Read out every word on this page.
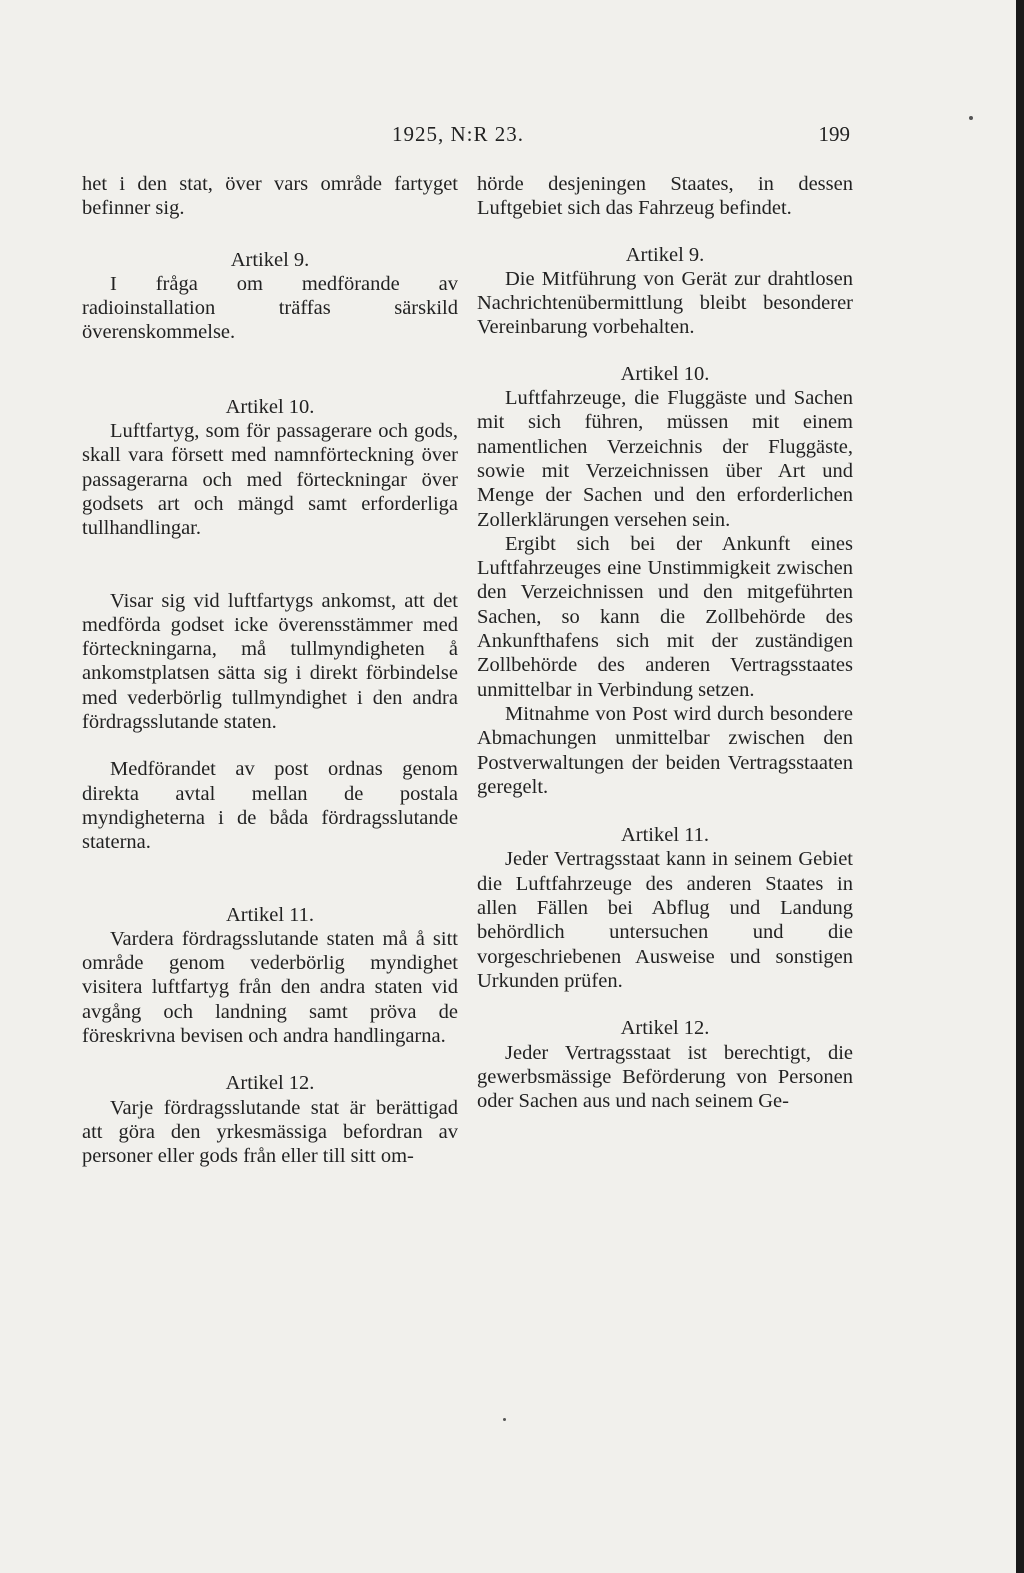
1925, N:R 23.	199

het i den stat, över vars område fartyget befinner sig.

Artikel 9.

I fråga om medförande av radioinstallation träffas särskild överenskommelse.

Artikel 10.

Luftfartyg, som för passagerare och gods, skall vara försett med namnförteckning över passagerarna och med förteckningar över godsets art och mängd samt erforderliga tullhandlingar.

Visar sig vid luftfartygs ankomst, att det medförda godset icke överensstämmer med förteckningarna, må tullmyndigheten å ankomstplatsen sätta sig i direkt förbindelse med vederbörlig tullmyndighet i den andra fördragsslutande staten.

Medförandet av post ordnas genom direkta avtal mellan de postala myndigheterna i de båda fördragsslutande staterna.

Artikel 11.

Vardera fördragsslutande staten må å sitt område genom vederbörlig myndighet visitera luftfartyg från den andra staten vid avgång och landning samt pröva de föreskrivna bevisen och andra handlingarna.

Artikel 12.

Varje fördragsslutande stat är berättigad att göra den yrkesmässiga befordran av personer eller gods från eller till sitt om-

hörde desjeningen Staates, in dessen Luftgebiet sich das Fahrzeug befindet.

Artikel 9.

Die Mitführung von Gerät zur drahtlosen Nachrichtenübermittlung bleibt besonderer Vereinbarung vorbehalten.

Artikel 10.

Luftfahrzeuge, die Fluggäste und Sachen mit sich führen, müssen mit einem namentlichen Verzeichnis der Fluggäste, sowie mit Verzeichnissen über Art und Menge der Sachen und den erforderlichen Zollerklärungen versehen sein.

Ergibt sich bei der Ankunft eines Luftfahrzeuges eine Unstimmigkeit zwischen den Verzeichnissen und den mitgeführten Sachen, so kann die Zollbehörde des Ankunfthafens sich mit der zuständigen Zollbehörde des anderen Vertragsstaates unmittelbar in Verbindung setzen.

Mitnahme von Post wird durch besondere Abmachungen unmittelbar zwischen den Postverwaltungen der beiden Vertragsstaaten geregelt.

Artikel 11.

Jeder Vertragsstaat kann in seinem Gebiet die Luftfahrzeuge des anderen Staates in allen Fällen bei Abflug und Landung behördlich untersuchen und die vorgeschriebenen Ausweise und sonstigen Urkunden prüfen.

Artikel 12.

Jeder Vertragsstaat ist berechtigt, die gewerbsmässige Beförderung von Personen oder Sachen aus und nach seinem Ge-
